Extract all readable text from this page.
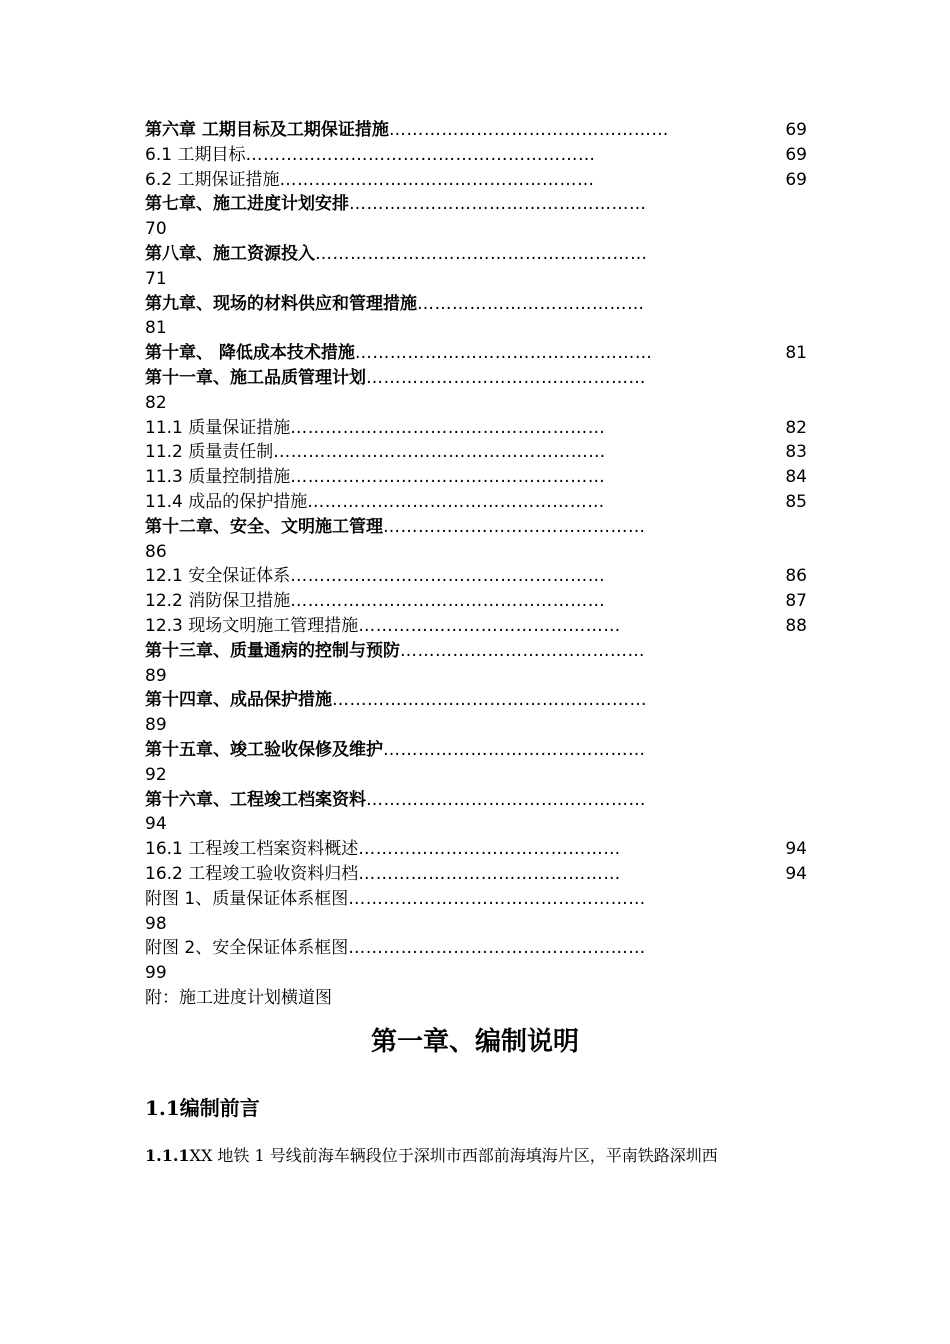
第六章 工期目标及工期保证措施 …………………………………………	69
6.1 工期目标 ……………………………………………………	69
6.2 工期保证措施 ………………………………………………	69
第七章、施工进度计划安排 ……………………………………………
70
第八章、施工资源投入 …………………………………………………
71
第九章、现场的材料供应和管理措施 …………………………………
81
第十章、 降低成本技术措施 ……………………………………………	81
第十一章、施工品质管理计划 …………………………………………
82
11.1 质量保证措施 ………………………………………………	82
11.2 质量责任制 …………………………………………………	83
11.3 质量控制措施 ………………………………………………	84
11.4 成品的保护措施 ……………………………………………	85
第十二章、安全、文明施工管理 ………………………………………
86
12.1 安全保证体系 ………………………………………………	86
12.2 消防保卫措施 ………………………………………………	87
12.3 现场文明施工管理措施 ………………………………………	88
第十三章、质量通病的控制与预防 ……………………………………
89
第十四章、成品保护措施 ………………………………………………
89
第十五章、竣工验收保修及维护 ………………………………………
92
第十六章、工程竣工档案资料 …………………………………………
94
16.1 工程竣工档案资料概述 ………………………………………	94
16.2 工程竣工验收资料归档 ………………………………………	94
附图 1、质量保证体系框图 ……………………………………………
98
附图 2、安全保证体系框图 ……………………………………………
99
附：施工进度计划横道图
第一章、编制说明
1.1编制前言
1.1.1XX 地铁 1 号线前海车辆段位于深圳市西部前海填海片区，平南铁路深圳西
